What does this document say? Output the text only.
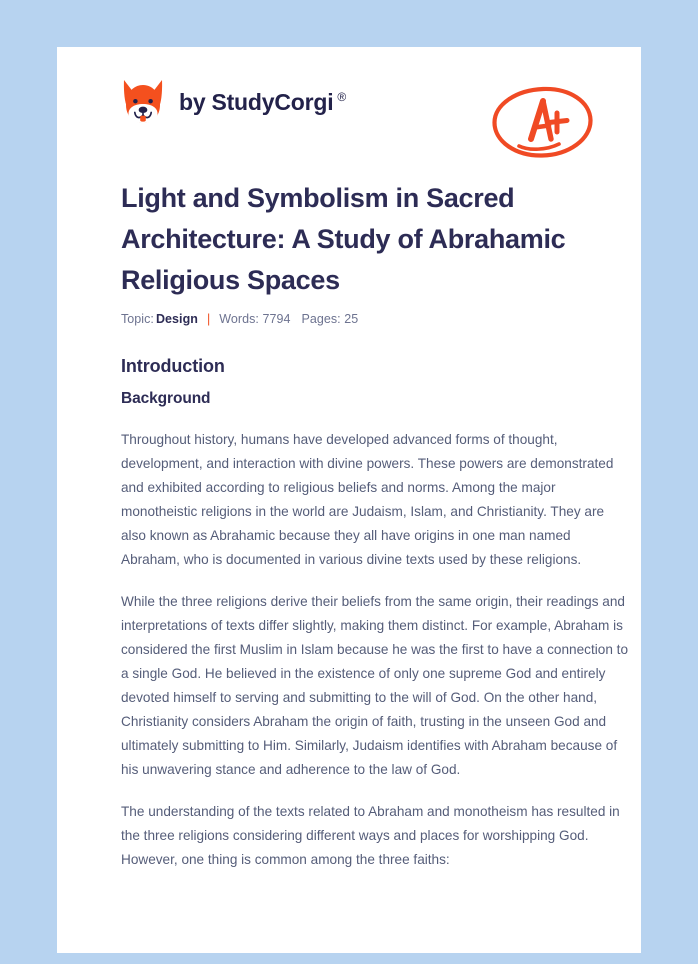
by StudyCorgi ®
Light and Symbolism in Sacred Architecture: A Study of Abrahamic Religious Spaces
Topic: Design | Words: 7794 Pages: 25
Introduction
Background

Throughout history, humans have developed advanced forms of thought, development, and interaction with divine powers. These powers are demonstrated and exhibited according to religious beliefs and norms. Among the major monotheistic religions in the world are Judaism, Islam, and Christianity. They are also known as Abrahamic because they all have origins in one man named Abraham, who is documented in various divine texts used by these religions.

While the three religions derive their beliefs from the same origin, their readings and interpretations of texts differ slightly, making them distinct. For example, Abraham is considered the first Muslim in Islam because he was the first to have a connection to a single God. He believed in the existence of only one supreme God and entirely devoted himself to serving and submitting to the will of God. On the other hand, Christianity considers Abraham the origin of faith, trusting in the unseen God and ultimately submitting to Him. Similarly, Judaism identifies with Abraham because of his unwavering stance and adherence to the law of God.

The understanding of the texts related to Abraham and monotheism has resulted in the three religions considering different ways and places for worshipping God. However, one thing is common among the three faiths:
